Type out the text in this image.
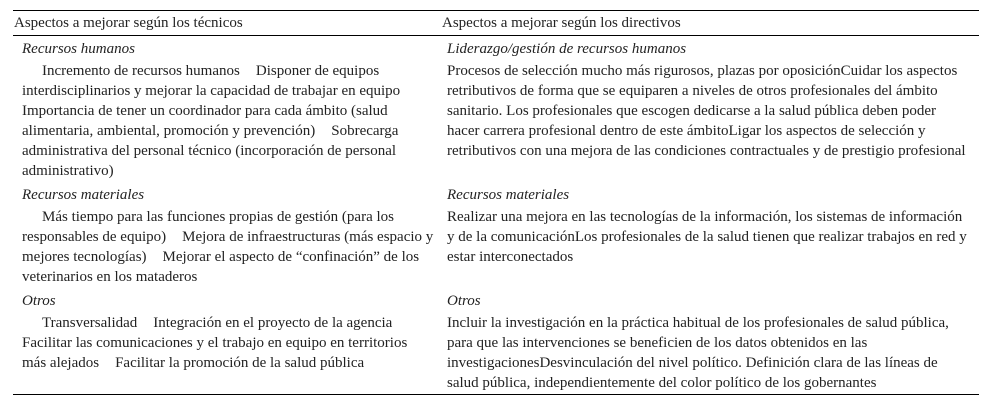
Aspectos a mejorar según los técnicos	Aspectos a mejorar según los directivos
Recursos humanos
Incremento de recursos humanos Disponer de equipos interdisciplinarios y mejorar la capacidad de trabajar en equipoImportancia de tener un coordinador para cada ámbito (salud alimentaria, ambiental, promoción y prevención) Sobrecarga administrativa del personal técnico (incorporación de personal administrativo)
Liderazgo/gestión de recursos humanos
Procesos de selección mucho más rigurosos, plazas por oposiciónCuidar los aspectos retributivos de forma que se equiparen a niveles de otros profesionales del ámbito sanitario. Los profesionales que escogen dedicarse a la salud pública deben poder hacer carrera profesional dentro de este ámbitoLigar los aspectos de selección y retributivos con una mejora de las condiciones contractuales y de prestigio profesional
Recursos materiales
Más tiempo para las funciones propias de gestión (para los responsables de equipo) Mejora de infraestructuras (más espacio y mejores tecnologías) Mejorar el aspecto de “confinación” de los veterinarios en los mataderos
Recursos materiales
Realizar una mejora en las tecnologías de la información, los sistemas de información y de la comunicaciónLos profesionales de la salud tienen que realizar trabajos en red y estar interconectados
Otros
Transversalidad Integración en el proyecto de la agenciaFacilitar las comunicaciones y el trabajo en equipo en territorios más alejados Facilitar la promoción de la salud pública
Otros
Incluir la investigación en la práctica habitual de los profesionales de salud pública, para que las intervenciones se beneficien de los datos obtenidos en las investigacionesDesvinculación del nivel político. Definición clara de las líneas de salud pública, independientemente del color político de los gobernantes
